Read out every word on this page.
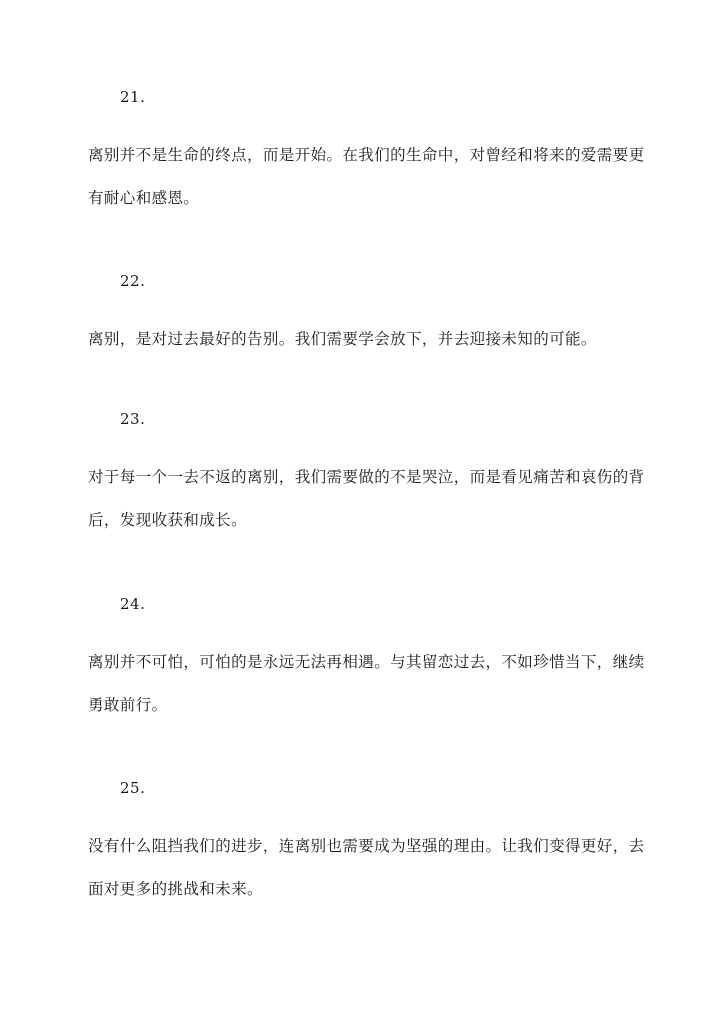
21.
离别并不是生命的终点，而是开始。在我们的生命中，对曾经和将来的爱需要更有耐心和感恩。
22.
离别，是对过去最好的告别。我们需要学会放下，并去迎接未知的可能。
23.
对于每一个一去不返的离别，我们需要做的不是哭泣，而是看见痛苦和哀伤的背后，发现收获和成长。
24.
离别并不可怕，可怕的是永远无法再相遇。与其留恋过去，不如珍惜当下，继续勇敢前行。
25.
没有什么阻挡我们的进步，连离别也需要成为坚强的理由。让我们变得更好，去面对更多的挑战和未来。
